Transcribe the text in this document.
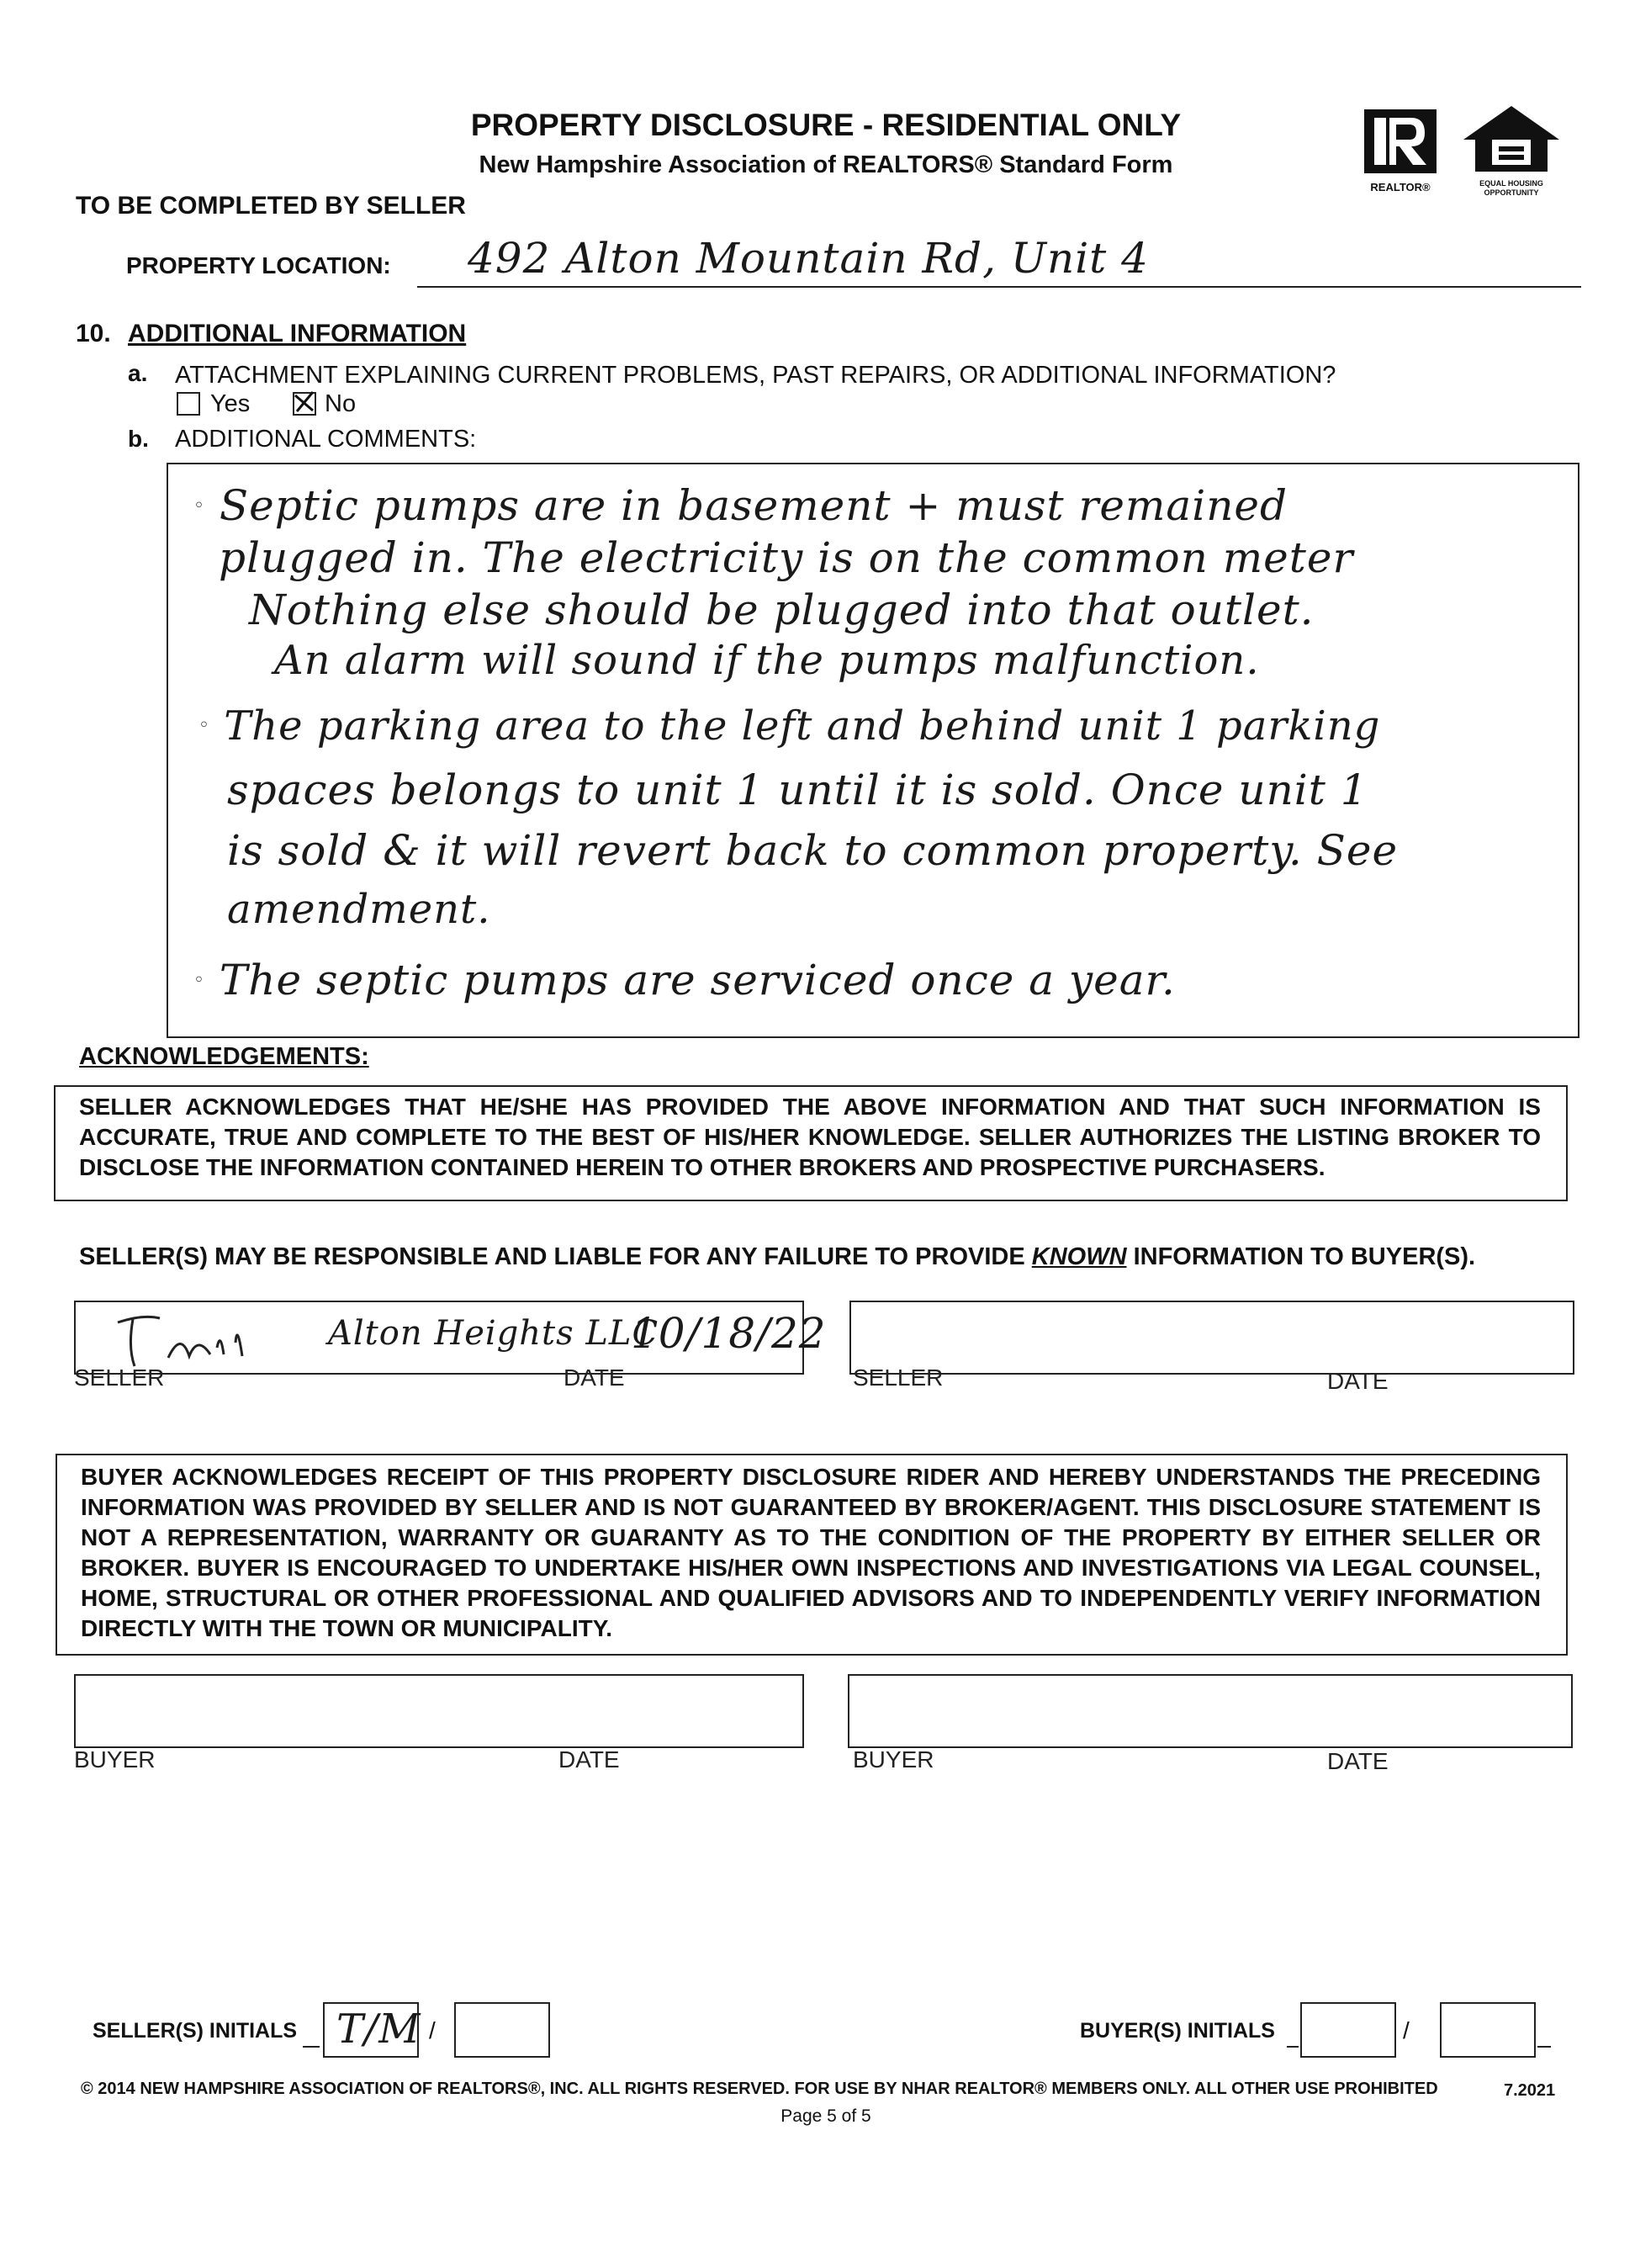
PROPERTY DISCLOSURE - RESIDENTIAL ONLY
New Hampshire Association of REALTORS® Standard Form
REALTOR®	EQUAL HOUSING
OPPORTUNITY
TO BE COMPLETED BY SELLER
PROPERTY LOCATION: 492 Alton Mountain Rd, Unit 4
10. ADDITIONAL INFORMATION
a. ATTACHMENT EXPLAINING CURRENT PROBLEMS, PAST REPAIRS, OR ADDITIONAL INFORMATION?
Yes	No
b. ADDITIONAL COMMENTS:
◦ Septic pumps are in basement + must remained
plugged in. The electricity is on the common meter
Nothing else should be plugged into that outlet.
An alarm will sound if the pumps malfunction.
◦ The parking area to the left and behind unit 1 parking
spaces belongs to unit 1 until it is sold. Once unit 1
is sold & it will revert back to common property. See
amendment.
◦ The septic pumps are serviced once a year.
ACKNOWLEDGEMENTS:
SELLER ACKNOWLEDGES THAT HE/SHE HAS PROVIDED THE ABOVE INFORMATION AND THAT SUCH INFORMATION IS ACCURATE, TRUE AND COMPLETE TO THE BEST OF HIS/HER KNOWLEDGE. SELLER AUTHORIZES THE LISTING BROKER TO DISCLOSE THE INFORMATION CONTAINED HEREIN TO OTHER BROKERS AND PROSPECTIVE PURCHASERS.
SELLER(S) MAY BE RESPONSIBLE AND LIABLE FOR ANY FAILURE TO PROVIDE KNOWN INFORMATION TO BUYER(S).
Alton Heights LLC
10/18/22
SELLER	DATE	SELLER	DATE
BUYER ACKNOWLEDGES RECEIPT OF THIS PROPERTY DISCLOSURE RIDER AND HEREBY UNDERSTANDS THE PRECEDING INFORMATION WAS PROVIDED BY SELLER AND IS NOT GUARANTEED BY BROKER/AGENT. THIS DISCLOSURE STATEMENT IS NOT A REPRESENTATION, WARRANTY OR GUARANTY AS TO THE CONDITION OF THE PROPERTY BY EITHER SELLER OR BROKER. BUYER IS ENCOURAGED TO UNDERTAKE HIS/HER OWN INSPECTIONS AND INVESTIGATIONS VIA LEGAL COUNSEL, HOME, STRUCTURAL OR OTHER PROFESSIONAL AND QUALIFIED ADVISORS AND TO INDEPENDENTLY VERIFY INFORMATION DIRECTLY WITH THE TOWN OR MUNICIPALITY.
BUYER	DATE	BUYER	DATE
SELLER(S) INITIALS T/M /	BUYER(S) INITIALS	/
© 2014 NEW HAMPSHIRE ASSOCIATION OF REALTORS®, INC. ALL RIGHTS RESERVED. FOR USE BY NHAR REALTOR® MEMBERS ONLY. ALL OTHER USE PROHIBITED	7.2021
Page 5 of 5
